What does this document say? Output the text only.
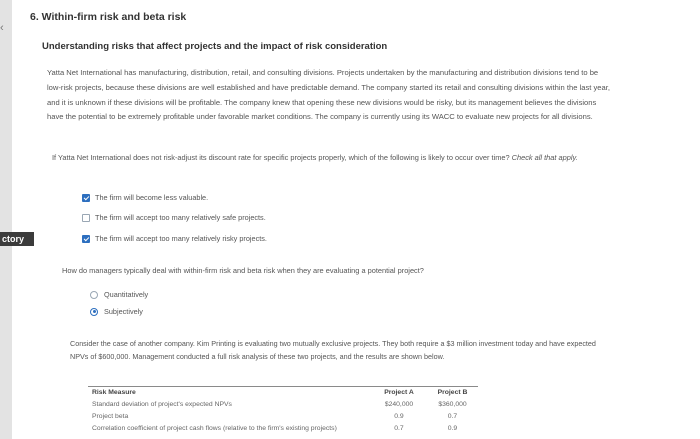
‹
ctory
6. Within-firm risk and beta risk
Understanding risks that affect projects and the impact of risk consideration
Yatta Net International has manufacturing, distribution, retail, and consulting divisions. Projects undertaken by the manufacturing and distribution divisions tend to be low-risk projects, because these divisions are well established and have predictable demand. The company started its retail and consulting divisions within the last year, and it is unknown if these divisions will be profitable. The company knew that opening these new divisions would be risky, but its management believes the divisions have the potential to be extremely profitable under favorable market conditions. The company is currently using its WACC to evaluate new projects for all divisions.
If Yatta Net International does not risk-adjust its discount rate for specific projects properly, which of the following is likely to occur over time? Check all that apply.
The firm will become less valuable.
The firm will accept too many relatively safe projects.
The firm will accept too many relatively risky projects.
How do managers typically deal with within-firm risk and beta risk when they are evaluating a potential project?
Quantitatively
Subjectively
Consider the case of another company. Kim Printing is evaluating two mutually exclusive projects. They both require a $3 million investment today and have expected NPVs of $600,000. Management conducted a full risk analysis of these two projects, and the results are shown below.
Risk Measure	Project A	Project B
Standard deviation of project's expected NPVs	$240,000	$360,000
Project beta	0.9	0.7
Correlation coefficient of project cash flows (relative to the firm's existing projects)	0.7	0.9
